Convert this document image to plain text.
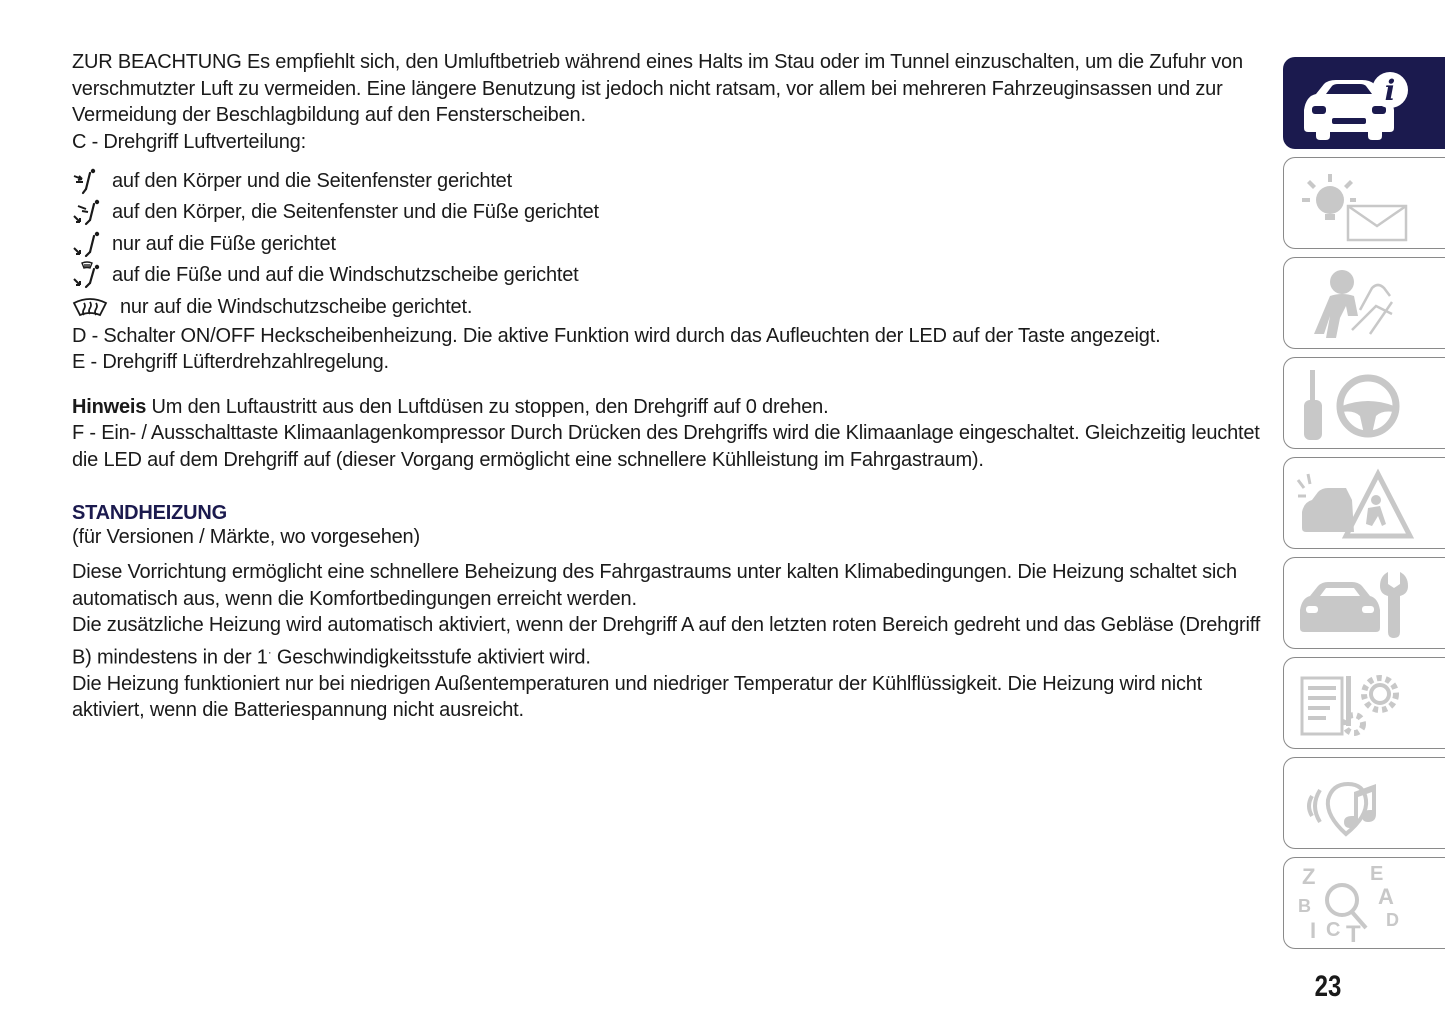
ZUR BEACHTUNG Es empfiehlt sich, den Umluftbetrieb während eines Halts im Stau oder im Tunnel einzuschalten, um die Zufuhr von verschmutzter Luft zu vermeiden. Eine längere Benutzung ist jedoch nicht ratsam, vor allem bei mehreren Fahrzeuginsassen und zur Vermeidung der Beschlagbildung auf den Fensterscheiben.

C - Drehgriff Luftverteilung:

auf den Körper und die Seitenfenster gerichtet
auf den Körper, die Seitenfenster und die Füße gerichtet
nur auf die Füße gerichtet
auf die Füße und auf die Windschutzscheibe gerichtet
nur auf die Windschutzscheibe gerichtet.

D - Schalter ON/OFF Heckscheibenheizung. Die aktive Funktion wird durch das Aufleuchten der LED auf der Taste angezeigt.

E - Drehgriff Lüfterdrehzahlregelung.

Hinweis Um den Luftaustritt aus den Luftdüsen zu stoppen, den Drehgriff auf 0 drehen.

F - Ein- / Ausschalttaste Klimaanlagenkompressor Durch Drücken des Drehgriffs wird die Klimaanlage eingeschaltet. Gleichzeitig leuchtet die LED auf dem Drehgriff auf (dieser Vorgang ermöglicht eine schnellere Kühlleistung im Fahrgastraum).

STANDHEIZUNG
(für Versionen / Märkte, wo vorgesehen)

Diese Vorrichtung ermöglicht eine schnellere Beheizung des Fahrgastraums unter kalten Klimabedingungen. Die Heizung schaltet sich automatisch aus, wenn die Komfortbedingungen erreicht werden.

Die zusätzliche Heizung wird automatisch aktiviert, wenn der Drehgriff A auf den letzten roten Bereich gedreht und das Gebläse (Drehgriff B) mindestens in der 1· Geschwindigkeitsstufe aktiviert wird.

Die Heizung funktioniert nur bei niedrigen Außentemperaturen und niedriger Temperatur der Kühlflüssigkeit. Die Heizung wird nicht aktiviert, wenn die Batteriespannung nicht ausreicht.

i
Z	E
A
B
D
I C T
23
